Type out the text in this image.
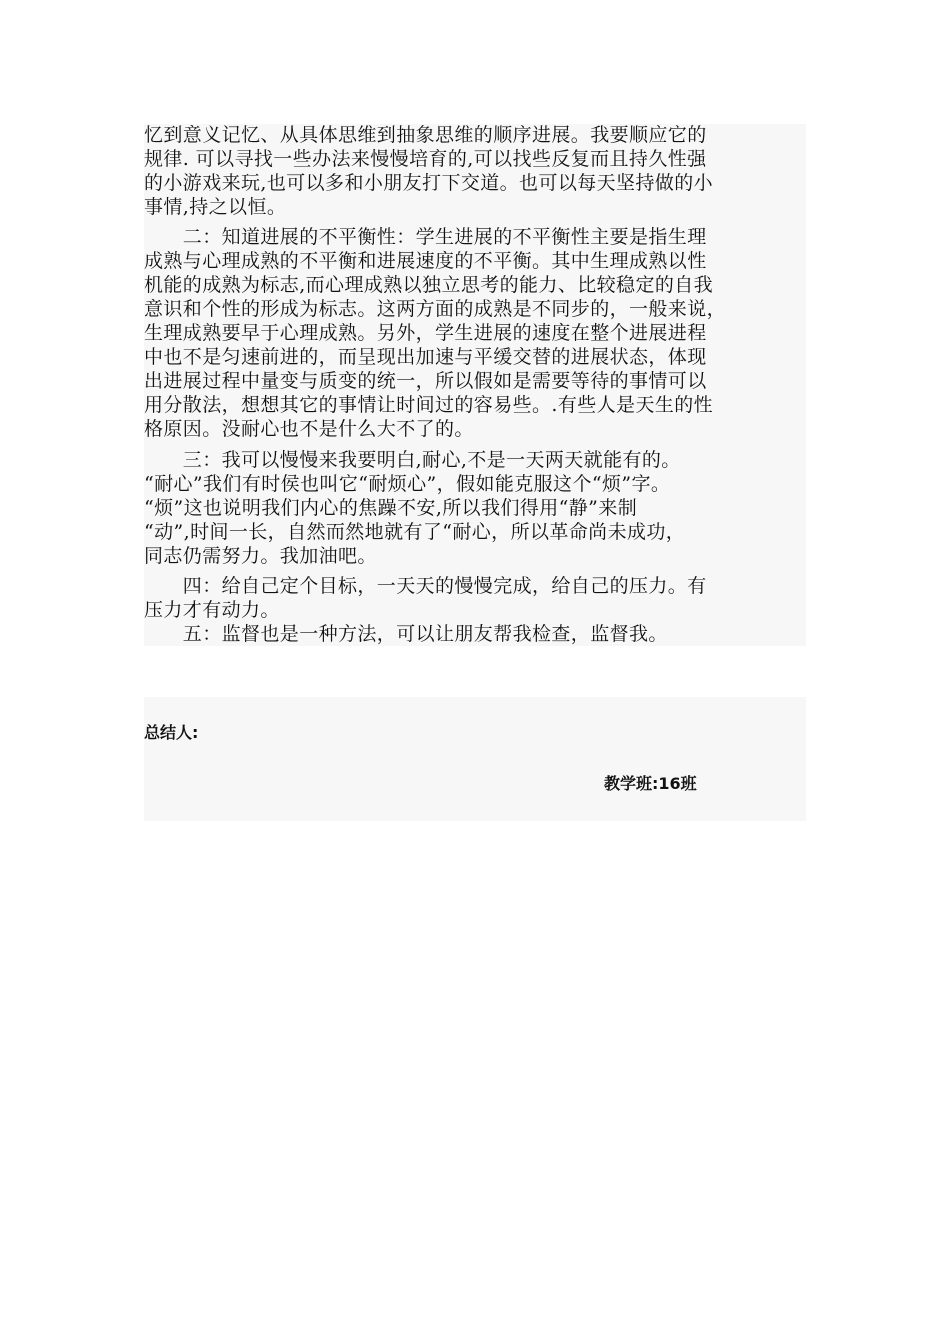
忆到意义记忆、从具体思维到抽象思维的顺序进展。我要顺应它的
规律. 可以寻找一些办法来慢慢培育的,可以找些反复而且持久性强
的小游戏来玩,也可以多和小朋友打下交道。也可以每天坚持做的小
事情,持之以恒。
　　二：知道进展的不平衡性：学生进展的不平衡性主要是指生理
成熟与心理成熟的不平衡和进展速度的不平衡。其中生理成熟以性
机能的成熟为标志,而心理成熟以独立思考的能力、比较稳定的自我
意识和个性的形成为标志。这两方面的成熟是不同步的，一般来说，
生理成熟要早于心理成熟。另外，学生进展的速度在整个进展进程
中也不是匀速前进的，而呈现出加速与平缓交替的进展状态，体现
出进展过程中量变与质变的统一，所以假如是需要等待的事情可以
用分散法，想想其它的事情让时间过的容易些。.有些人是天生的性
格原因。没耐心也不是什么大不了的。
　　三：我可以慢慢来我要明白,耐心,不是一天两天就能有的。
“耐心”我们有时侯也叫它“耐烦心”，假如能克服这个“烦”字。
“烦”这也说明我们内心的焦躁不安,所以我们得用“静”来制
“动”,时间一长，自然而然地就有了“耐心，所以革命尚未成功，
同志仍需努力。我加油吧。
　　四：给自己定个目标，一天天的慢慢完成，给自己的压力。有
压力才有动力。
　　五：监督也是一种方法，可以让朋友帮我检查，监督我。
总结人:
教学班:16班
